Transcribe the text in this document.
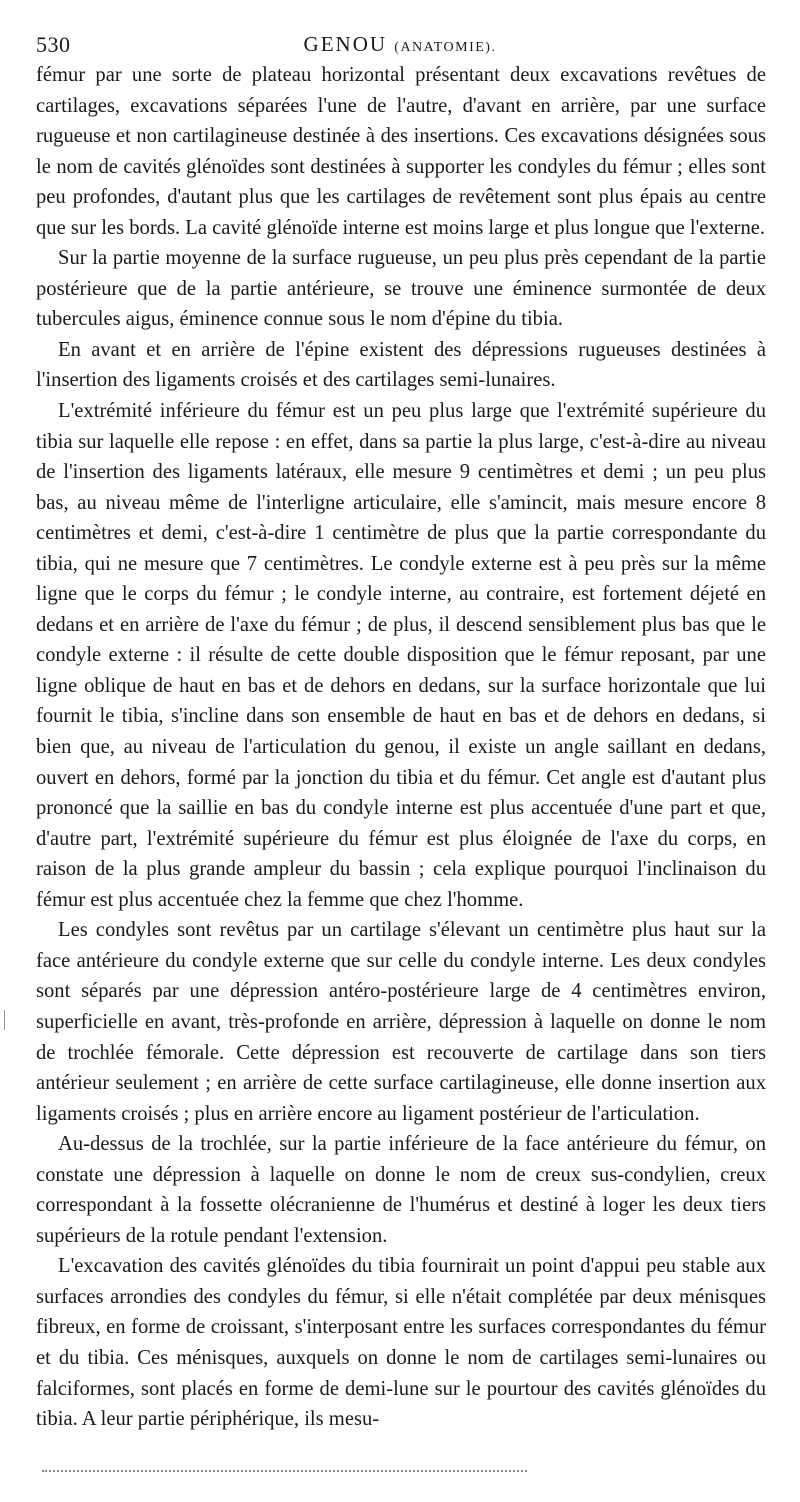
530	GENOU (ANATOMIE).

fémur par une sorte de plateau horizontal présentant deux excavations revêtues de cartilages, excavations séparées l'une de l'autre, d'avant en arrière, par une surface rugueuse et non cartilagineuse destinée à des insertions. Ces excavations désignées sous le nom de cavités glénoïdes sont destinées à supporter les condyles du fémur ; elles sont peu profondes, d'autant plus que les cartilages de revêtement sont plus épais au centre que sur les bords. La cavité glénoïde interne est moins large et plus longue que l'externe.

Sur la partie moyenne de la surface rugueuse, un peu plus près cependant de la partie postérieure que de la partie antérieure, se trouve une éminence surmontée de deux tubercules aigus, éminence connue sous le nom d'épine du tibia.

En avant et en arrière de l'épine existent des dépressions rugueuses destinées à l'insertion des ligaments croisés et des cartilages semi-lunaires.

L'extrémité inférieure du fémur est un peu plus large que l'extrémité supérieure du tibia sur laquelle elle repose : en effet, dans sa partie la plus large, c'est-à-dire au niveau de l'insertion des ligaments latéraux, elle mesure 9 centimètres et demi ; un peu plus bas, au niveau même de l'interligne articulaire, elle s'amincit, mais mesure encore 8 centimètres et demi, c'est-à-dire 1 centimètre de plus que la partie correspondante du tibia, qui ne mesure que 7 centimètres. Le condyle externe est à peu près sur la même ligne que le corps du fémur ; le condyle interne, au contraire, est fortement déjeté en dedans et en arrière de l'axe du fémur ; de plus, il descend sensiblement plus bas que le condyle externe : il résulte de cette double disposition que le fémur reposant, par une ligne oblique de haut en bas et de dehors en dedans, sur la surface horizontale que lui fournit le tibia, s'incline dans son ensemble de haut en bas et de dehors en dedans, si bien que, au niveau de l'articulation du genou, il existe un angle saillant en dedans, ouvert en dehors, formé par la jonction du tibia et du fémur. Cet angle est d'autant plus prononcé que la saillie en bas du condyle interne est plus accentuée d'une part et que, d'autre part, l'extrémité supérieure du fémur est plus éloignée de l'axe du corps, en raison de la plus grande ampleur du bassin ; cela explique pourquoi l'inclinaison du fémur est plus accentuée chez la femme que chez l'homme.

Les condyles sont revêtus par un cartilage s'élevant un centimètre plus haut sur la face antérieure du condyle externe que sur celle du condyle interne. Les deux condyles sont séparés par une dépression antéro-postérieure large de 4 centimètres environ, superficielle en avant, très-profonde en arrière, dépression à laquelle on donne le nom de trochlée fémorale. Cette dépression est recouverte de cartilage dans son tiers antérieur seulement ; en arrière de cette surface cartilagineuse, elle donne insertion aux ligaments croisés ; plus en arrière encore au ligament postérieur de l'articulation.

Au-dessus de la trochlée, sur la partie inférieure de la face antérieure du fémur, on constate une dépression à laquelle on donne le nom de creux sus-condylien, creux correspondant à la fossette olécranienne de l'humérus et destiné à loger les deux tiers supérieurs de la rotule pendant l'extension.

L'excavation des cavités glénoïdes du tibia fournirait un point d'appui peu stable aux surfaces arrondies des condyles du fémur, si elle n'était complétée par deux ménisques fibreux, en forme de croissant, s'interposant entre les surfaces correspondantes du fémur et du tibia. Ces ménisques, auxquels on donne le nom de cartilages semi-lunaires ou falciformes, sont placés en forme de demi-lune sur le pourtour des cavités glénoïdes du tibia. A leur partie périphérique, ils mesu-
